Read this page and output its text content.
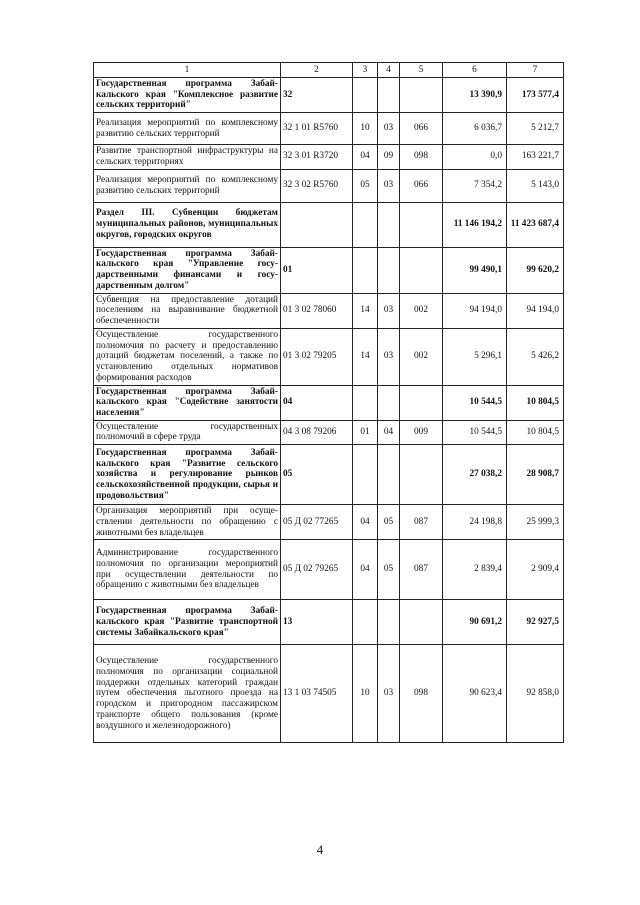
1	2	3	4	5	6	7
Государственная программа Забайкальского края "Комплексное развитие сельских территорий"	32				13 390,9	173 577,4
Реализация мероприятий по комплексному развитию сельских территорий	32 1 01 R5760	10	03	066	6 036,7	5 212,7
Развитие транспортной инфраструктуры на сельских территориях	32 3 01 R3720	04	09	098	0,0	163 221,7
Реализация мероприятий по комплексному развитию сельских территорий	32 3 02 R5760	05	03	066	7 354,2	5 143,0
Раздел III. Субвенции бюджетам муниципальных районов, муниципальных округов, городских округов					11 146 194,2	11 423 687,4
Государственная программа Забайкальского края "Управление государственными финансами и государственным долгом"	01				99 490,1	99 620,2
Субвенция на предоставление дотаций поселениям на выравнивание бюджетной обеспеченности	01 3 02 78060	14	03	002	94 194,0	94 194,0
Осуществление государственного полномочия по расчету и предоставлению дотаций бюджетам поселений, а также по установлению отдельных нормативов формирования расходов	01 3 02 79205	14	03	002	5 296,1	5 426,2
Государственная программа Забайкальского края "Содействие занятости населения"	04				10 544,5	10 804,5
Осуществление государственных полномочий в сфере труда	04 3 08 79206	01	04	009	10 544,5	10 804,5
Государственная программа Забайкальского края "Развитие сельского хозяйства и регулирование рынков сельскохозяйственной продукции, сырья и продовольствия"	05				27 038,2	28 908,7
Организация мероприятий при осуществлении деятельности по обращению с животными без владельцев	05 Д 02 77265	04	05	087	24 198,8	25 999,3
Администрирование государственного полномочия по организации мероприятий при осуществлении деятельности по обращению с животными без владельцев	05 Д 02 79265	04	05	087	2 839,4	2 909,4
Государственная программа Забайкальского края "Развитие транспортной системы Забайкальского края"	13				90 691,2	92 927,5
Осуществление государственного полномочия по организации социальной поддержки отдельных категорий граждан путем обеспечения льготного проезда на городском и пригородном пассажирском транспорте общего пользования (кроме воздушного и железнодорожного)	13 1 03 74505	10	03	098	90 623,4	92 858,0
4
